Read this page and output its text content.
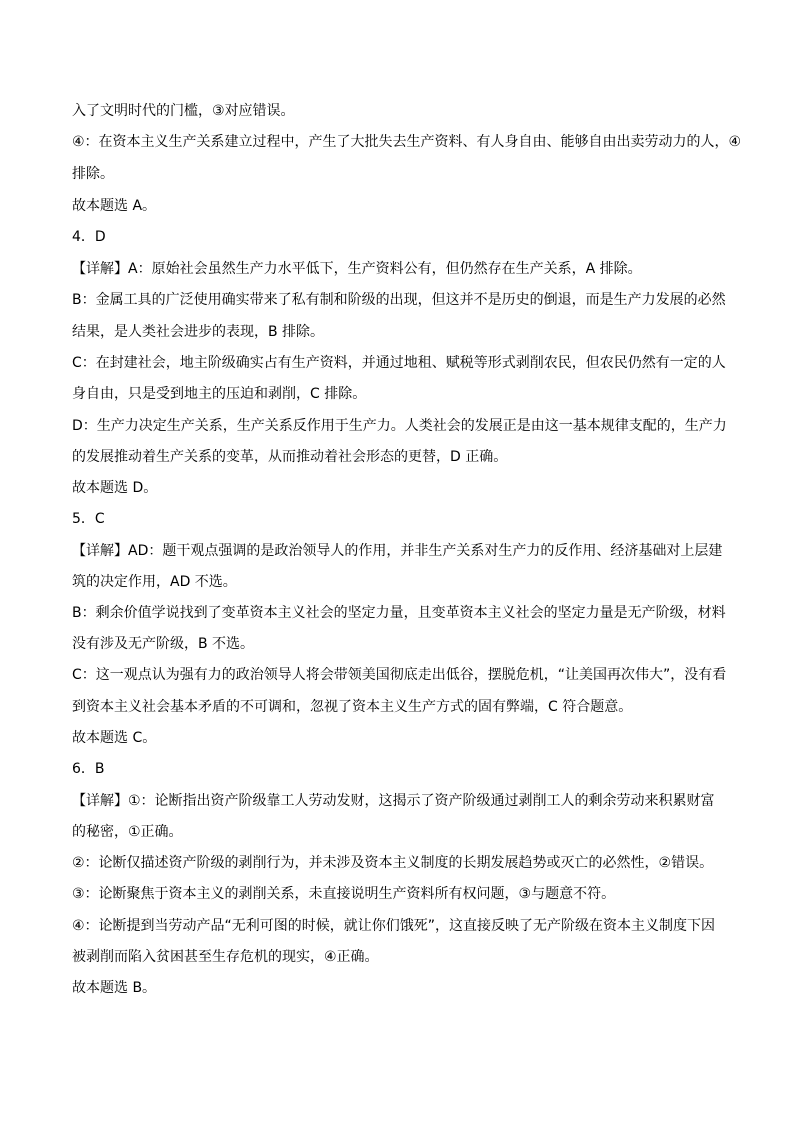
入了文明时代的门槛，③对应错误。
④：在资本主义生产关系建立过程中，产生了大批失去生产资料、有人身自由、能够自由出卖劳动力的人，④
排除。
故本题选 A。
4．D
【详解】A：原始社会虽然生产力水平低下，生产资料公有，但仍然存在生产关系，A 排除。
B：金属工具的广泛使用确实带来了私有制和阶级的出现，但这并不是历史的倒退，而是生产力发展的必然
结果，是人类社会进步的表现，B 排除。
C：在封建社会，地主阶级确实占有生产资料，并通过地租、赋税等形式剥削农民，但农民仍然有一定的人
身自由，只是受到地主的压迫和剥削，C 排除。
D：生产力决定生产关系，生产关系反作用于生产力。人类社会的发展正是由这一基本规律支配的，生产力
的发展推动着生产关系的变革，从而推动着社会形态的更替，D 正确。
故本题选 D。
5．C
【详解】AD：题干观点强调的是政治领导人的作用，并非生产关系对生产力的反作用、经济基础对上层建
筑的决定作用，AD 不选。
B：剩余价值学说找到了变革资本主义社会的坚定力量，且变革资本主义社会的坚定力量是无产阶级，材料
没有涉及无产阶级，B 不选。
C：这一观点认为强有力的政治领导人将会带领美国彻底走出低谷，摆脱危机，“让美国再次伟大”，没有看
到资本主义社会基本矛盾的不可调和，忽视了资本主义生产方式的固有弊端，C 符合题意。
故本题选 C。
6．B
【详解】①：论断指出资产阶级靠工人劳动发财，这揭示了资产阶级通过剥削工人的剩余劳动来积累财富
的秘密，①正确。
②：论断仅描述资产阶级的剥削行为，并未涉及资本主义制度的长期发展趋势或灭亡的必然性，②错误。
③：论断聚焦于资本主义的剥削关系，未直接说明生产资料所有权问题，③与题意不符。
④：论断提到当劳动产品“无利可图的时候，就让你们饿死”，这直接反映了无产阶级在资本主义制度下因
被剥削而陷入贫困甚至生存危机的现实，④正确。
故本题选 B。
